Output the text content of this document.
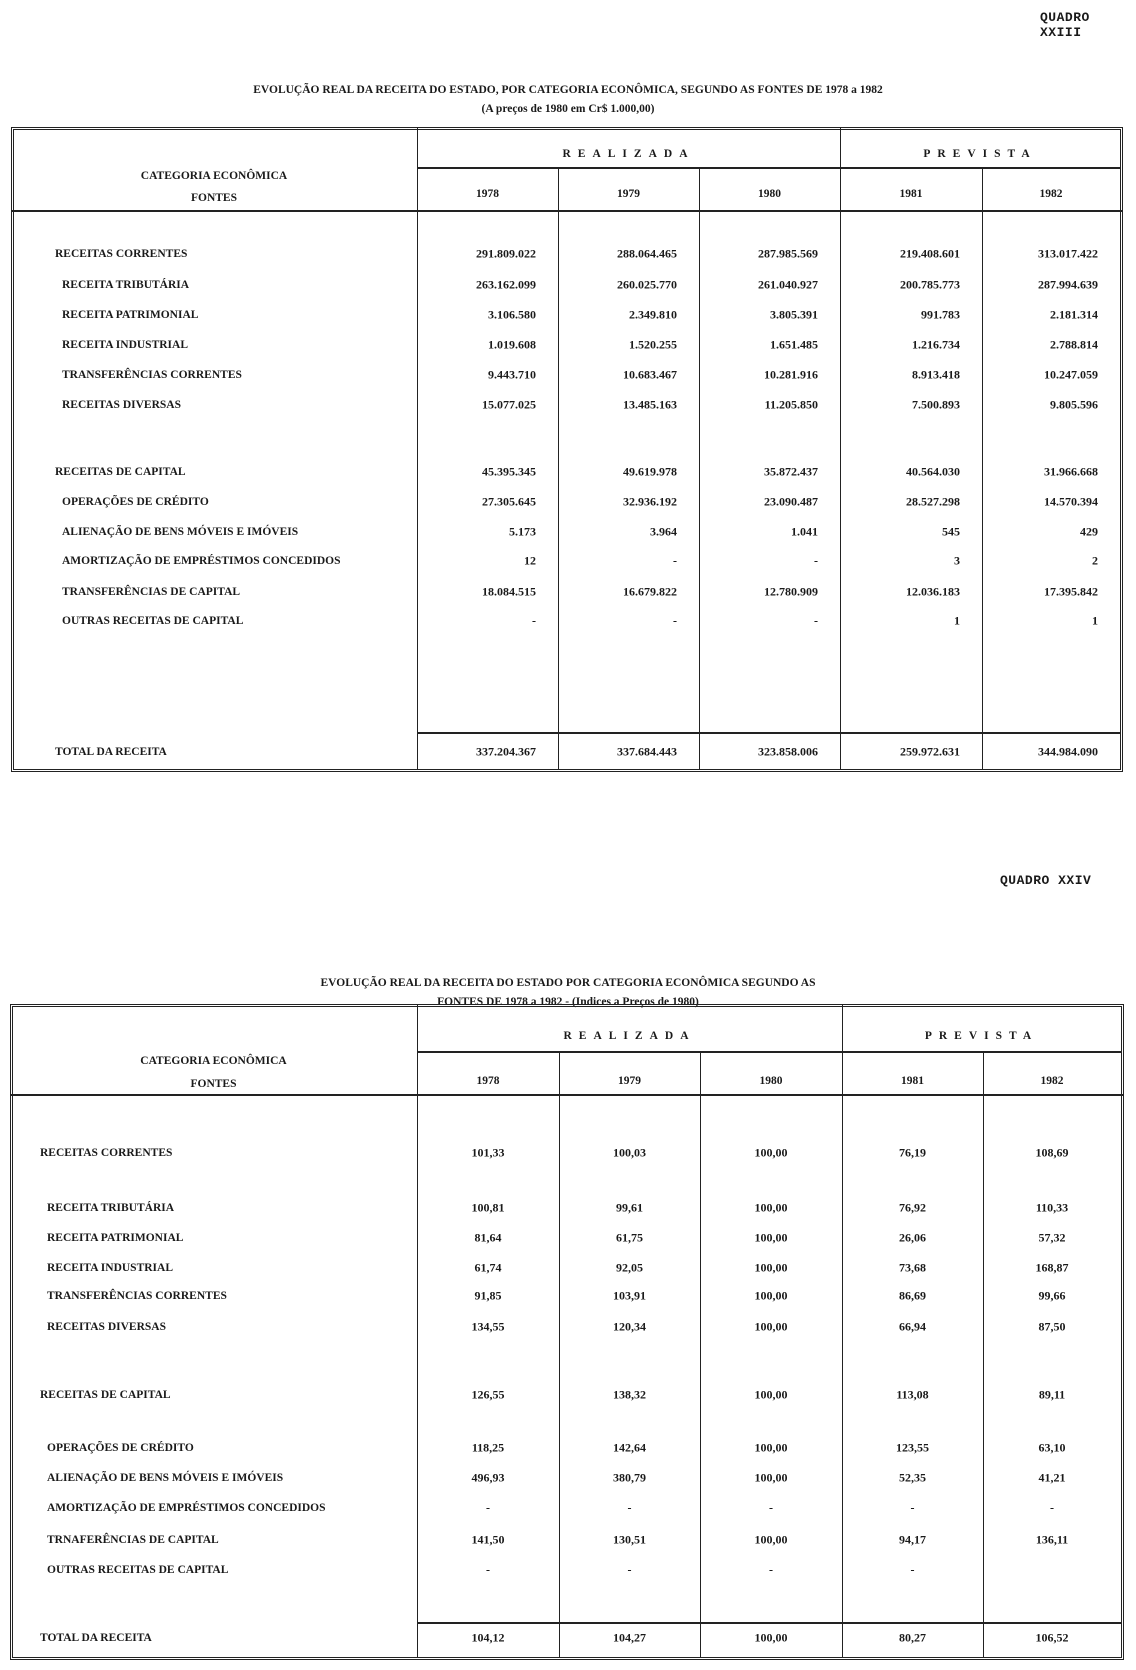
QUADRO XXIII
EVOLUÇÃO REAL DA RECEITA DO ESTADO, POR CATEGORIA ECONÔMICA, SEGUNDO AS FONTES DE 1978 a 1982
(A preços de 1980 em Cr$ 1.000,00)
CATEGORIA ECONÔMICA
FONTES
REALIZADA	PREVISTA
1978	1979	1980	1981	1982
RECEITAS CORRENTES	291.809.022	288.064.465	287.985.569	219.408.601	313.017.422
RECEITA TRIBUTÁRIA	263.162.099	260.025.770	261.040.927	200.785.773	287.994.639
RECEITA PATRIMONIAL	3.106.580	2.349.810	3.805.391	991.783	2.181.314
RECEITA INDUSTRIAL	1.019.608	1.520.255	1.651.485	1.216.734	2.788.814
TRANSFERÊNCIAS CORRENTES	9.443.710	10.683.467	10.281.916	8.913.418	10.247.059
RECEITAS DIVERSAS	15.077.025	13.485.163	11.205.850	7.500.893	9.805.596
RECEITAS DE CAPITAL	45.395.345	49.619.978	35.872.437	40.564.030	31.966.668
OPERAÇÕES DE CRÉDITO	27.305.645	32.936.192	23.090.487	28.527.298	14.570.394
ALIENAÇÃO DE BENS MÓVEIS E IMÓVEIS	5.173	3.964	1.041	545	429
AMORTIZAÇÃO DE EMPRÉSTIMOS CONCEDIDOS	12	-	-	3	2
TRANSFERÊNCIAS DE CAPITAL	18.084.515	16.679.822	12.780.909	12.036.183	17.395.842
OUTRAS RECEITAS DE CAPITAL	-	-	-	1	1
TOTAL DA RECEITA	337.204.367	337.684.443	323.858.006	259.972.631	344.984.090
QUADRO XXIV
EVOLUÇÃO REAL DA RECEITA DO ESTADO POR CATEGORIA ECONÔMICA SEGUNDO AS
FONTES DE 1978 a 1982 - (Indices a Preços de 1980)
CATEGORIA ECONÔMICA
FONTES
REALIZADA	PREVISTA
1978	1979	1980	1981	1982
RECEITAS CORRENTES	101,33	100,03	100,00	76,19	108,69
RECEITA TRIBUTÁRIA	100,81	99,61	100,00	76,92	110,33
RECEITA PATRIMONIAL	81,64	61,75	100,00	26,06	57,32
RECEITA INDUSTRIAL	61,74	92,05	100,00	73,68	168,87
TRANSFERÊNCIAS CORRENTES	91,85	103,91	100,00	86,69	99,66
RECEITAS DIVERSAS	134,55	120,34	100,00	66,94	87,50
RECEITAS DE CAPITAL	126,55	138,32	100,00	113,08	89,11
OPERAÇÕES DE CRÉDITO	118,25	142,64	100,00	123,55	63,10
ALIENAÇÃO DE BENS MÓVEIS E IMÓVEIS	496,93	380,79	100,00	52,35	41,21
AMORTIZAÇÃO DE EMPRÉSTIMOS CONCEDIDOS	-	-	-	-	-
TRNAFERÊNCIAS DE CAPITAL	141,50	130,51	100,00	94,17	136,11
OUTRAS RECEITAS DE CAPITAL	-	-	-	-
TOTAL DA RECEITA	104,12	104,27	100,00	80,27	106,52
